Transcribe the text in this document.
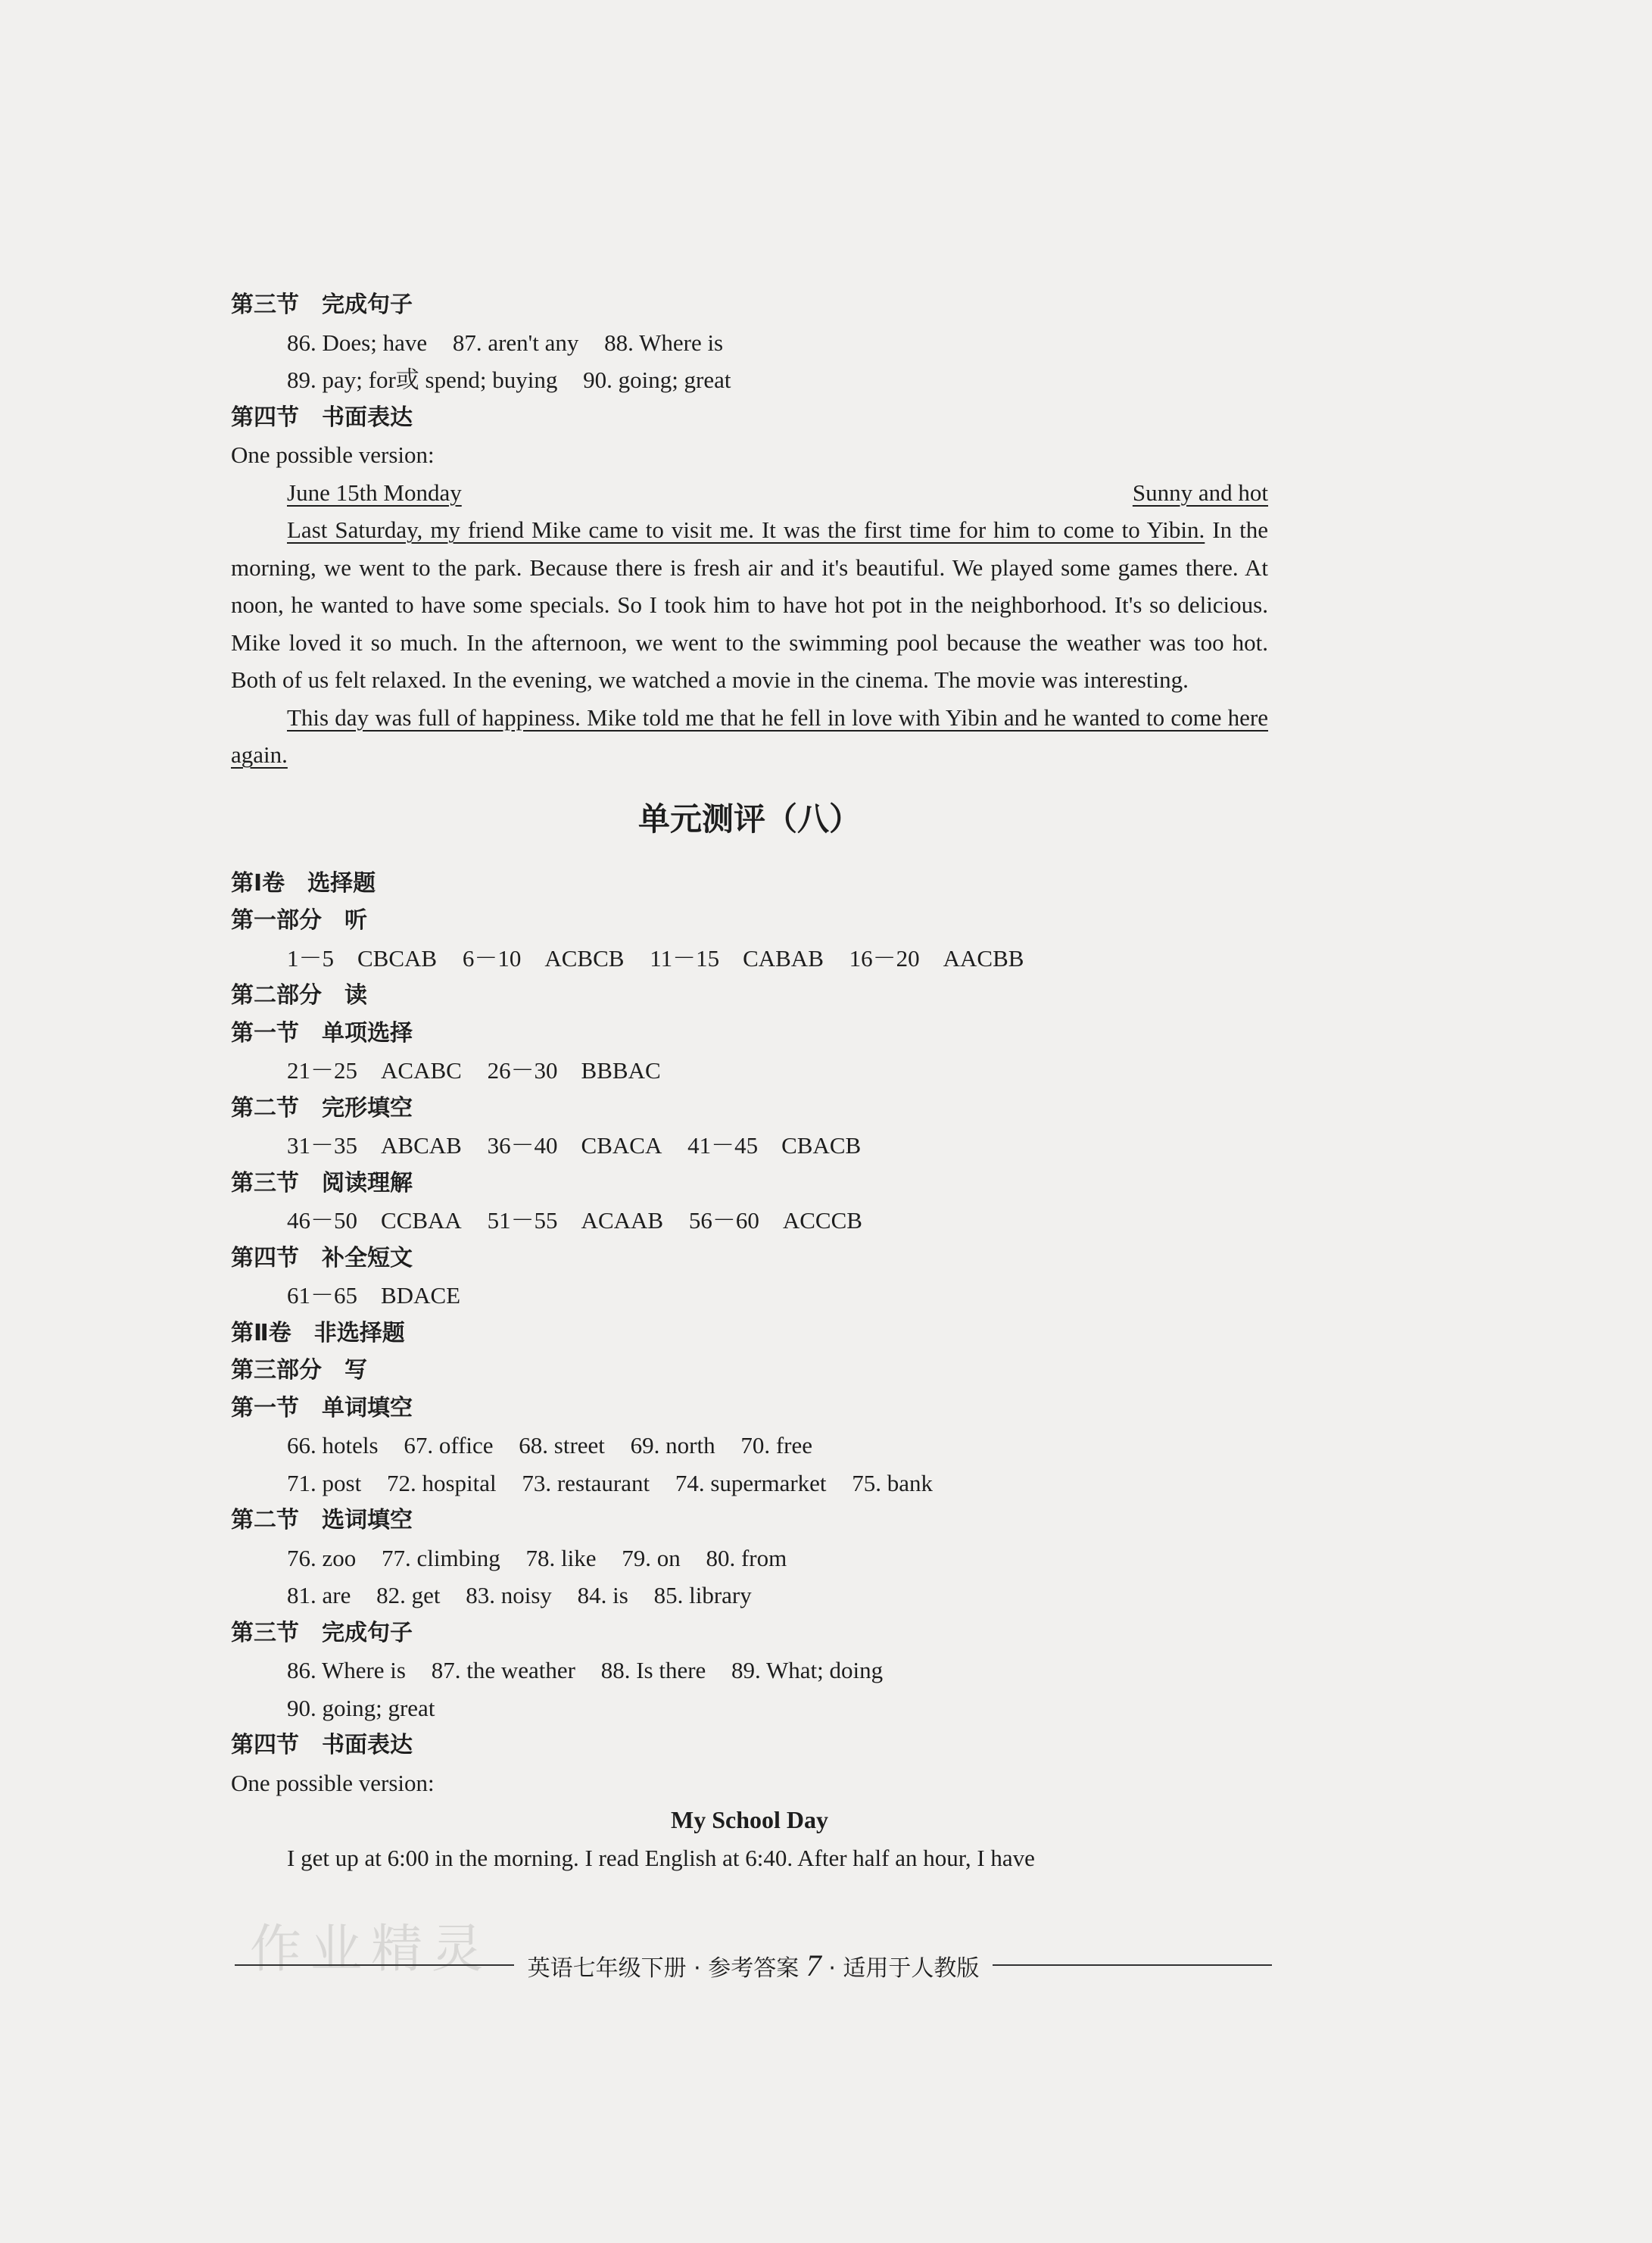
第三节　完成句子
86. Does; have 87. aren't any 88. Where is
89. pay; for或 spend; buying 90. going; great
第四节　书面表达
One possible version:
June 15th Monday	Sunny and hot

Last Saturday, my friend Mike came to visit me. It was the first time for him to come to Yibin. In the morning, we went to the park. Because there is fresh air and it's beautiful. We played some games there. At noon, he wanted to have some specials. So I took him to have hot pot in the neighborhood. It's so delicious. Mike loved it so much. In the afternoon, we went to the swimming pool because the weather was too hot. Both of us felt relaxed. In the evening, we watched a movie in the cinema. The movie was interesting.

This day was full of happiness. Mike told me that he fell in love with Yibin and he wanted to come here again.

单元测评（八）
第Ⅰ卷　选择题
第一部分　听
1－5　CBCAB 6－10　ACBCB 11－15　CABAB 16－20　AACBB
第二部分　读
第一节　单项选择
21－25　ACABC 26－30　BBBAC
第二节　完形填空
31－35　ABCAB 36－40　CBACA 41－45　CBACB
第三节　阅读理解
46－50　CCBAA 51－55　ACAAB 56－60　ACCCB
第四节　补全短文
61－65　BDACE
第Ⅱ卷　非选择题
第三部分　写
第一节　单词填空
66. hotels 67. office 68. street 69. north 70. free
71. post 72. hospital 73. restaurant 74. supermarket 75. bank
第二节　选词填空
76. zoo 77. climbing 78. like 79. on 80. from
81. are 82. get 83. noisy 84. is 85. library
第三节　完成句子
86. Where is 87. the weather 88. Is there 89. What; doing
90. going; great
第四节　书面表达
One possible version:
My School Day

I get up at 6:00 in the morning. I read English at 6:40. After half an hour, I have

作业精灵	英语七年级下册 · 参考答案 7 · 适用于人教版
